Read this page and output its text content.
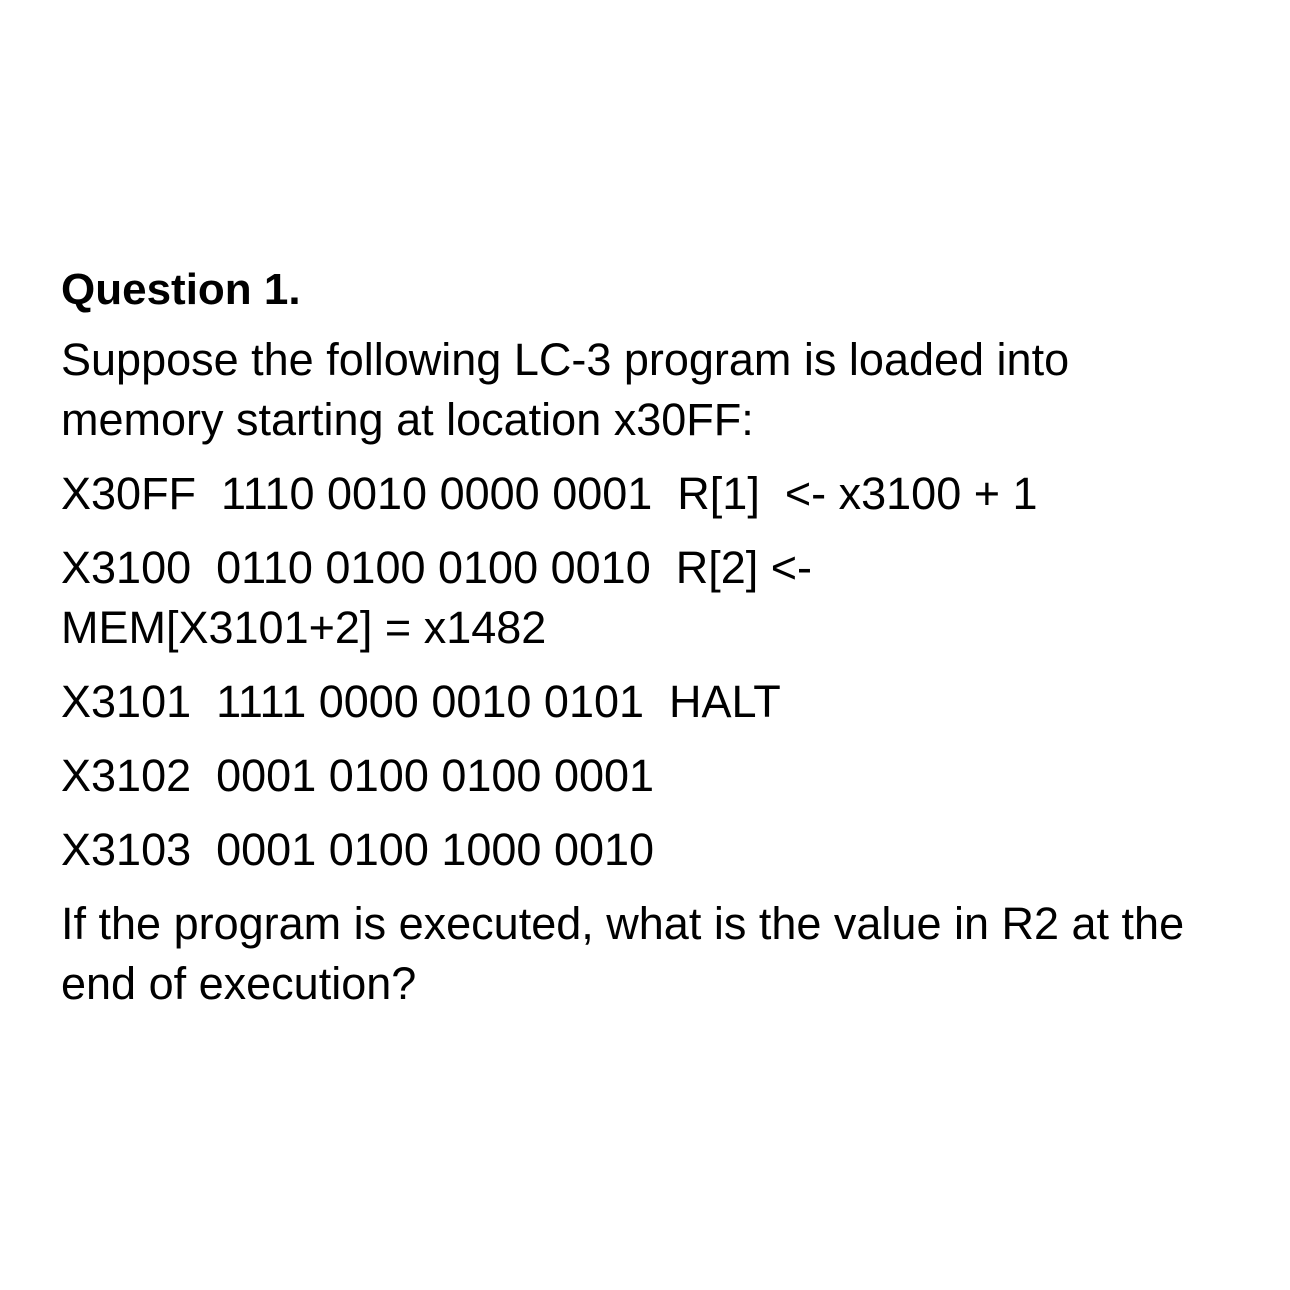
Question 1.
Suppose the following LC-3 program is loaded into memory starting at location x30FF:
X30FF  1110 0010 0000 0001  R[1]  <- x3100 + 1
X3100  0110 0100 0100 0010  R[2] <- MEM[X3101+2] = x1482
X3101  1111 0000 0010 0101  HALT
X3102  0001 0100 0100 0001
X3103  0001 0100 1000 0010
If the program is executed, what is the value in R2 at the end of execution?
